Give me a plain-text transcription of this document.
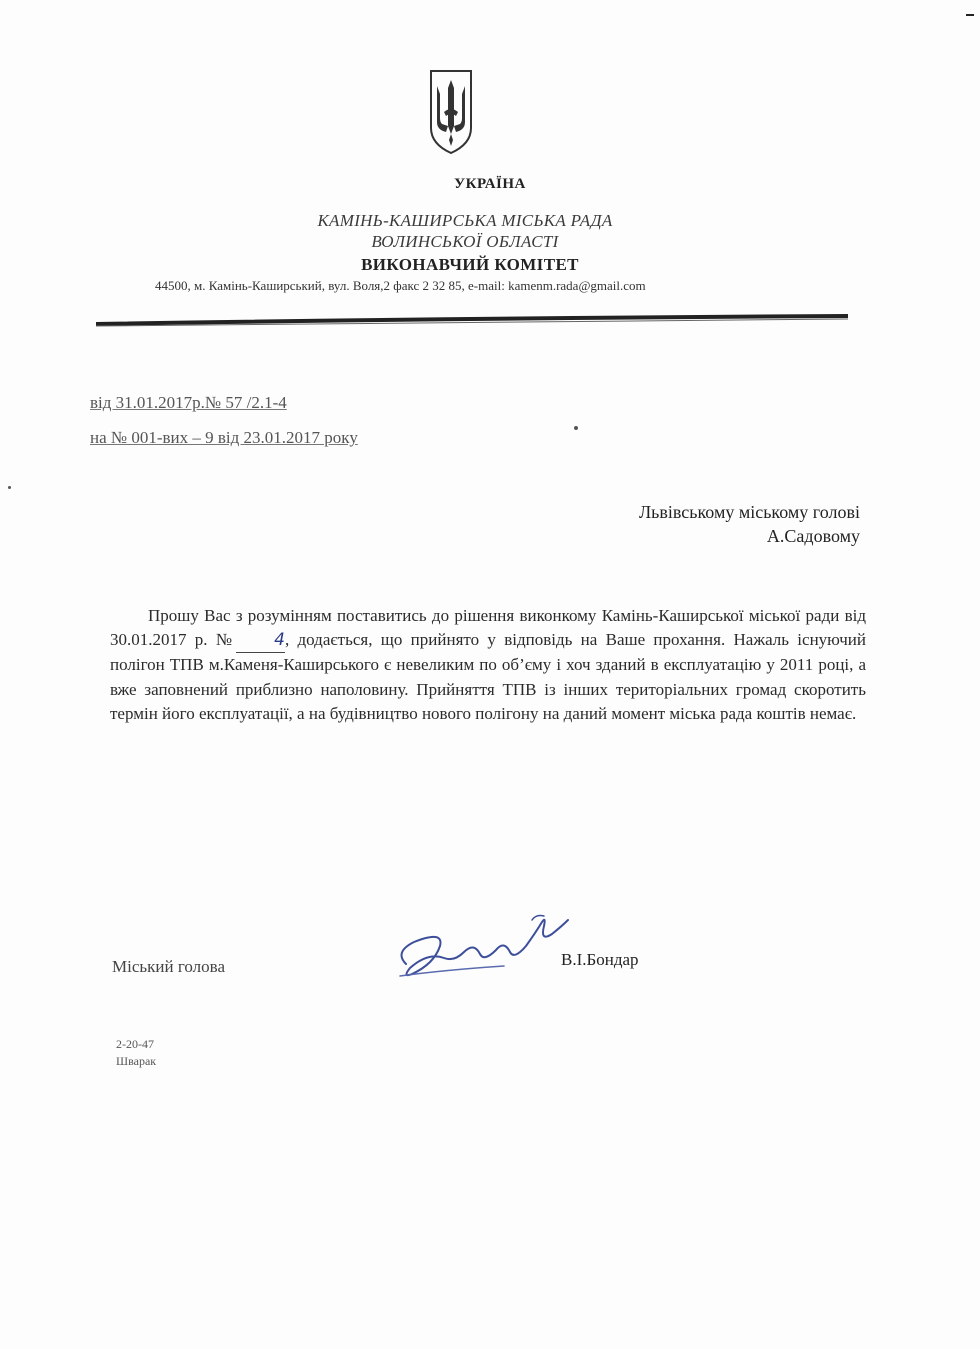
УКРАЇНА
КАМІНЬ-КАШИРСЬКА МІСЬКА РАДА
ВОЛИНСЬКОЇ ОБЛАСТІ
ВИКОНАВЧИЙ КОМІТЕТ
44500, м. Камінь-Каширський, вул. Воля,2 факс 2 32 85, e-mail: kamenm.rada@gmail.com
від 31.01.2017р.№ 57 /2.1-4
на № 001-вих – 9 від 23.01.2017 року
Львівському міському голові
А.Садовому
Прошу Вас з розумінням поставитись до рішення виконкому Камінь-Каширської міської ради від 30.01.2017 р. № 4, додається, що прийнято у відповідь на Ваше прохання. Нажаль існуючий полігон ТПВ м.Каменя-Каширського є невеликим по об’єму і хоч зданий в експлуатацію у 2011 році, а вже заповнений приблизно наполовину. Прийняття ТПВ із інших територіальних громад скоротить термін його експлуатації, а на будівництво нового полігону на даний момент міська рада коштів немає.
Міський голова	В.І.Бондар
2-20-47
Шварак
